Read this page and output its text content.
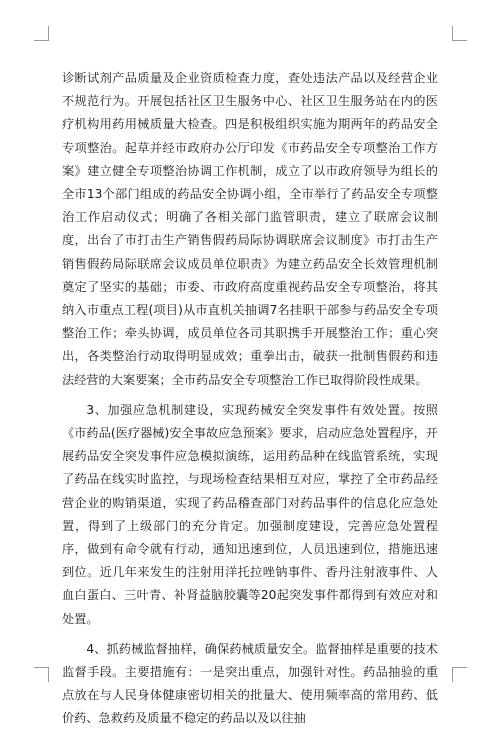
诊断试剂产品质量及企业资质检查力度，查处违法产品以及经营企业不规范行为。开展包括社区卫生服务中心、社区卫生服务站在内的医疗机构用药用械质量大检查。四是积极组织实施为期两年的药品安全专项整治。起草并经市政府办公厅印发《市药品安全专项整治工作方案》建立健全专项整治协调工作机制，成立了以市政府领导为组长的全市13个部门组成的药品安全协调小组，全市举行了药品安全专项整治工作启动仪式；明确了各相关部门监管职责，建立了联席会议制度，出台了市打击生产销售假药局际协调联席会议制度》市打击生产销售假药局际联席会议成员单位职责》为建立药品安全长效管理机制奠定了坚实的基础；市委、市政府高度重视药品安全专项整治，将其纳入市重点工程(项目)从市直机关抽调7名挂职干部参与药品安全专项整治工作；牵头协调，成员单位各司其职携手开展整治工作；重心突出，各类整治行动取得明显成效；重拳出击，破获一批制售假药和违法经营的大案要案；全市药品安全专项整治工作已取得阶段性成果。

3、加强应急机制建设，实现药械安全突发事件有效处置。按照《市药品(医疗器械)安全事故应急预案》要求，启动应急处置程序，开展药品安全突发事件应急模拟演练，运用药品种在线监管系统，实现了药品在线实时监控，与现场检查结果相互对应，掌控了全市药品经营企业的购销渠道，实现了药品稽查部门对药品事件的信息化应急处置，得到了上级部门的充分肯定。加强制度建设，完善应急处置程序，做到有命令就有行动，通知迅速到位，人员迅速到位，措施迅速到位。近几年来发生的注射用洋托拉唑钠事件、香丹注射液事件、人血白蛋白、三叶青、补肾益脑胶囊等20起突发事件都得到有效应对和处置。

4、抓药械监督抽样，确保药械质量安全。监督抽样是重要的技术监督手段。主要措施有：一是突出重点，加强针对性。药品抽验的重点放在与人民身体健康密切相关的批量大、使用频率高的常用药、低价药、急救药及质量不稳定的药品以及以往抽
